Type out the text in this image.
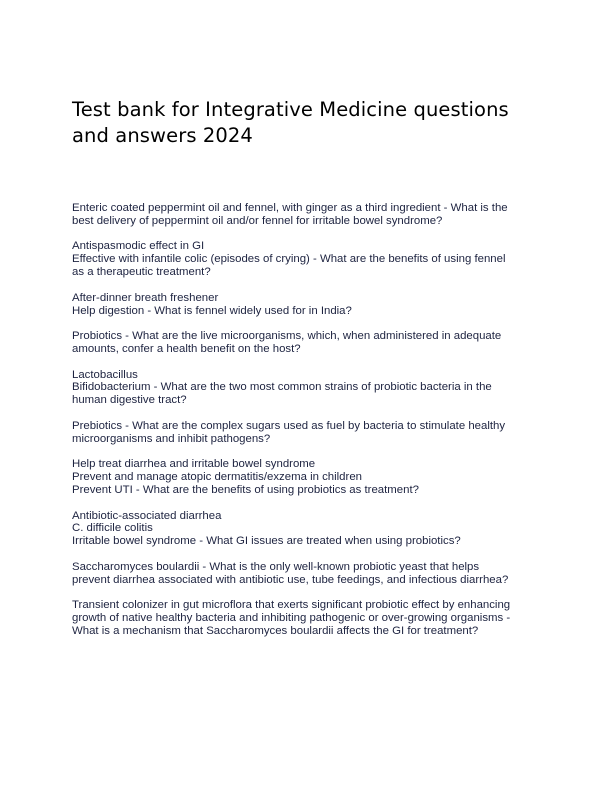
Test bank for Integrative Medicine questions
and answers 2024

Enteric coated peppermint oil and fennel, with ginger as a third ingredient - What is the
best delivery of peppermint oil and/or fennel for irritable bowel syndrome?

Antispasmodic effect in GI
Effective with infantile colic (episodes of crying) - What are the benefits of using fennel
as a therapeutic treatment?

After-dinner breath freshener
Help digestion - What is fennel widely used for in India?

Probiotics - What are the live microorganisms, which, when administered in adequate
amounts, confer a health benefit on the host?

Lactobacillus
Bifidobacterium - What are the two most common strains of probiotic bacteria in the
human digestive tract?

Prebiotics - What are the complex sugars used as fuel by bacteria to stimulate healthy
microorganisms and inhibit pathogens?

Help treat diarrhea and irritable bowel syndrome
Prevent and manage atopic dermatitis/exzema in children
Prevent UTI - What are the benefits of using probiotics as treatment?

Antibiotic-associated diarrhea
C. difficile colitis
Irritable bowel syndrome - What GI issues are treated when using probiotics?

Saccharomyces boulardii - What is the only well-known probiotic yeast that helps
prevent diarrhea associated with antibiotic use, tube feedings, and infectious diarrhea?

Transient colonizer in gut microflora that exerts significant probiotic effect by enhancing
growth of native healthy bacteria and inhibiting pathogenic or over-growing organisms -
What is a mechanism that Saccharomyces boulardii affects the GI for treatment?
